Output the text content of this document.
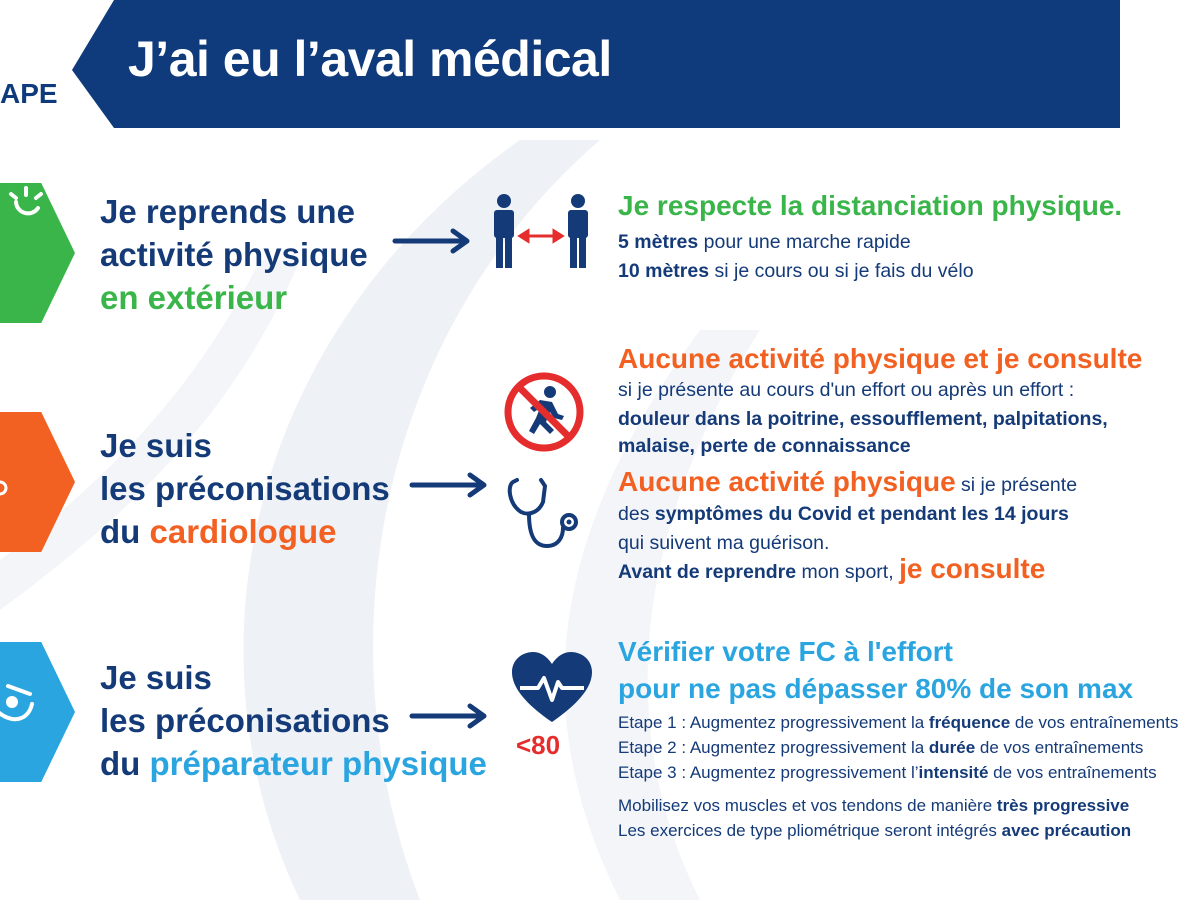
J’ai eu l’aval médical
APE
Je reprends une
activité physique
en extérieur
Je respecte la distanciation physique.
5 mètres pour une marche rapide
10 mètres si je cours ou si je fais du vélo
Je suis
les préconisations
du cardiologue
Aucune activité physique et je consulte
si je présente au cours d'un effort ou après un effort :
douleur dans la poitrine, essoufflement, palpitations,
malaise, perte de connaissance
Aucune activité physique si je présente
des symptômes du Covid et pendant les 14 jours
qui suivent ma guérison.
Avant de reprendre mon sport, je consulte
Je suis
les préconisations
du préparateur physique <80
Vérifier votre FC à l'effort
pour ne pas dépasser 80% de son max
Etape 1 : Augmentez progressivement la fréquence de vos entraînements
Etape 2 : Augmentez progressivement la durée de vos entraînements
Etape 3 : Augmentez progressivement l’intensité de vos entraînements
Mobilisez vos muscles et vos tendons de manière très progressive
Les exercices de type pliométrique seront intégrés avec précaution
